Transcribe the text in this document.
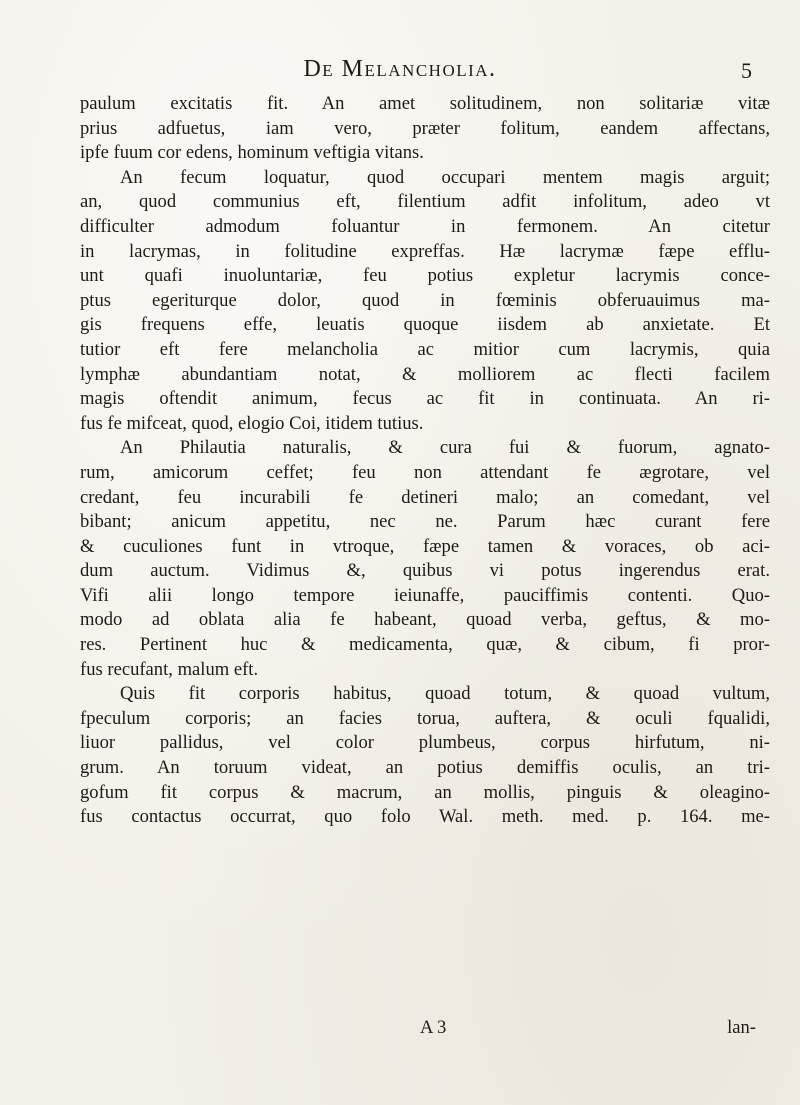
De Melancholia.	5
paulum excitatis fit. An amet solitudinem, non solitariæ vitæ
prius adfuetus, iam vero, præter folitum, eandem affectans,
ipfe fuum cor edens, hominum veftigia vitans.
An fecum loquatur, quod occupari mentem magis arguit;
an, quod communius eft, filentium adfit infolitum, adeo vt
difficulter admodum foluantur in fermonem. An citetur
in lacrymas, in folitudine expreffas. Hæ lacrymæ fæpe efflu-
unt quafi inuoluntariæ, feu potius expletur lacrymis conce-
ptus egeriturque dolor, quod in fœminis obferuauimus ma-
gis frequens effe, leuatis quoque iisdem ab anxietate. Et
tutior eft fere melancholia ac mitior cum lacrymis, quia
lymphæ abundantiam notat, & molliorem ac flecti facilem
magis oftendit animum, fecus ac fit in continuata. An ri-
fus fe mifceat, quod, elogio Coi, itidem tutius.
An Philautia naturalis, & cura fui & fuorum, agnato-
rum, amicorum ceffet; feu non attendant fe ægrotare, vel
credant, feu incurabili fe detineri malo; an comedant, vel
bibant; anicum appetitu, nec ne. Parum hæc curant fere
& cuculiones funt in vtroque, fæpe tamen & voraces, ob aci-
dum auctum. Vidimus &, quibus vi potus ingerendus erat.
Vifi alii longo tempore ieiunaffe, pauciffimis contenti. Quo-
modo ad oblata alia fe habeant, quoad verba, geftus, & mo-
res. Pertinent huc & medicamenta, quæ, & cibum, fi pror-
fus recufant, malum eft.
Quis fit corporis habitus, quoad totum, & quoad vultum,
fpeculum corporis; an facies torua, auftera, & oculi fqualidi,
liuor pallidus, vel color plumbeus, corpus hirfutum, ni-
grum. An toruum videat, an potius demiffis oculis, an tri-
gofum fit corpus & macrum, an mollis, pinguis & oleagino-
fus contactus occurrat, quo folo Wal. meth. med. p. 164. me-
A 3	lan-
